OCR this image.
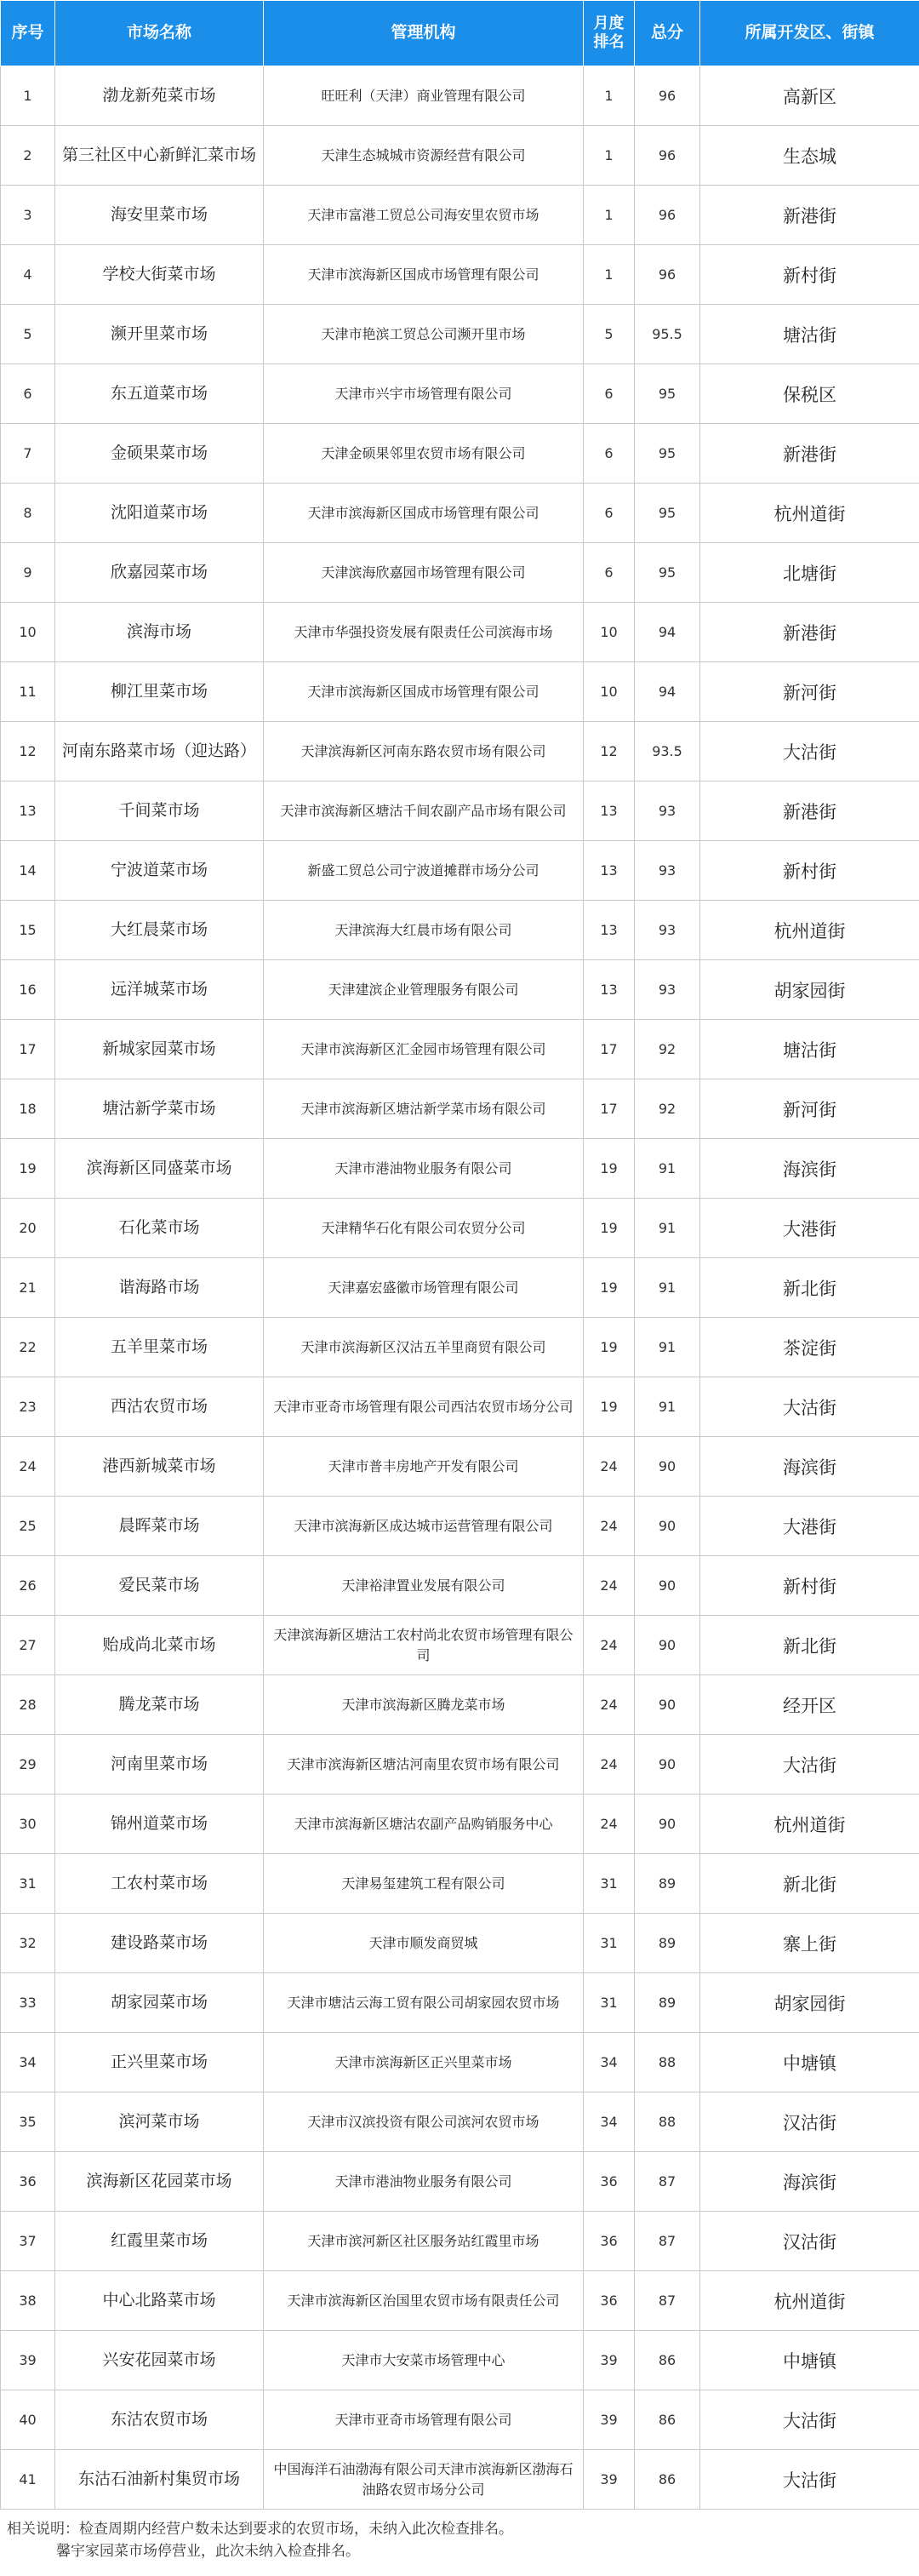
序号	市场名称	管理机构	月度排名	总分	所属开发区、街镇
1	渤龙新苑菜市场	旺旺利（天津）商业管理有限公司	1	96	高新区
2	第三社区中心新鲜汇菜市场	天津生态城城市资源经营有限公司	1	96	生态城
3	海安里菜市场	天津市富港工贸总公司海安里农贸市场	1	96	新港街
4	学校大街菜市场	天津市滨海新区国成市场管理有限公司	1	96	新村街
5	濒开里菜市场	天津市艳滨工贸总公司濒开里市场	5	95.5	塘沽街
6	东五道菜市场	天津市兴宇市场管理有限公司	6	95	保税区
7	金硕果菜市场	天津金硕果邻里农贸市场有限公司	6	95	新港街
8	沈阳道菜市场	天津市滨海新区国成市场管理有限公司	6	95	杭州道街
9	欣嘉园菜市场	天津滨海欣嘉园市场管理有限公司	6	95	北塘街
10	滨海市场	天津市华强投资发展有限责任公司滨海市场	10	94	新港街
11	柳江里菜市场	天津市滨海新区国成市场管理有限公司	10	94	新河街
12	河南东路菜市场（迎达路）	天津滨海新区河南东路农贸市场有限公司	12	93.5	大沽街
13	千间菜市场	天津市滨海新区塘沽千间农副产品市场有限公司	13	93	新港街
14	宁波道菜市场	新盛工贸总公司宁波道摊群市场分公司	13	93	新村街
15	大红晨菜市场	天津滨海大红晨市场有限公司	13	93	杭州道街
16	远洋城菜市场	天津建滨企业管理服务有限公司	13	93	胡家园街
17	新城家园菜市场	天津市滨海新区汇金园市场管理有限公司	17	92	塘沽街
18	塘沽新学菜市场	天津市滨海新区塘沽新学菜市场有限公司	17	92	新河街
19	滨海新区同盛菜市场	天津市港油物业服务有限公司	19	91	海滨街
20	石化菜市场	天津精华石化有限公司农贸分公司	19	91	大港街
21	谐海路市场	天津嘉宏盛徽市场管理有限公司	19	91	新北街
22	五羊里菜市场	天津市滨海新区汉沽五羊里商贸有限公司	19	91	茶淀街
23	西沽农贸市场	天津市亚奇市场管理有限公司西沽农贸市场分公司	19	91	大沽街
24	港西新城菜市场	天津市普丰房地产开发有限公司	24	90	海滨街
25	晨晖菜市场	天津市滨海新区成达城市运营管理有限公司	24	90	大港街
26	爱民菜市场	天津裕津置业发展有限公司	24	90	新村街
27	贻成尚北菜市场	天津滨海新区塘沽工农村尚北农贸市场管理有限公司	24	90	新北街
28	腾龙菜市场	天津市滨海新区腾龙菜市场	24	90	经开区
29	河南里菜市场	天津市滨海新区塘沽河南里农贸市场有限公司	24	90	大沽街
30	锦州道菜市场	天津市滨海新区塘沽农副产品购销服务中心	24	90	杭州道街
31	工农村菜市场	天津易玺建筑工程有限公司	31	89	新北街
32	建设路菜市场	天津市顺发商贸城	31	89	寨上街
33	胡家园菜市场	天津市塘沽云海工贸有限公司胡家园农贸市场	31	89	胡家园街
34	正兴里菜市场	天津市滨海新区正兴里菜市场	34	88	中塘镇
35	滨河菜市场	天津市汉滨投资有限公司滨河农贸市场	34	88	汉沽街
36	滨海新区花园菜市场	天津市港油物业服务有限公司	36	87	海滨街
37	红霞里菜市场	天津市滨河新区社区服务站红霞里市场	36	87	汉沽街
38	中心北路菜市场	天津市滨海新区治国里农贸市场有限责任公司	36	87	杭州道街
39	兴安花园菜市场	天津市大安菜市场管理中心	39	86	中塘镇
40	东沽农贸市场	天津市亚奇市场管理有限公司	39	86	大沽街
41	东沽石油新村集贸市场	中国海洋石油渤海有限公司天津市滨海新区渤海石油路农贸市场分公司	39	86	大沽街
相关说明：检查周期内经营户数未达到要求的农贸市场，未纳入此次检查排名。
馨宇家园菜市场停营业，此次未纳入检查排名。
